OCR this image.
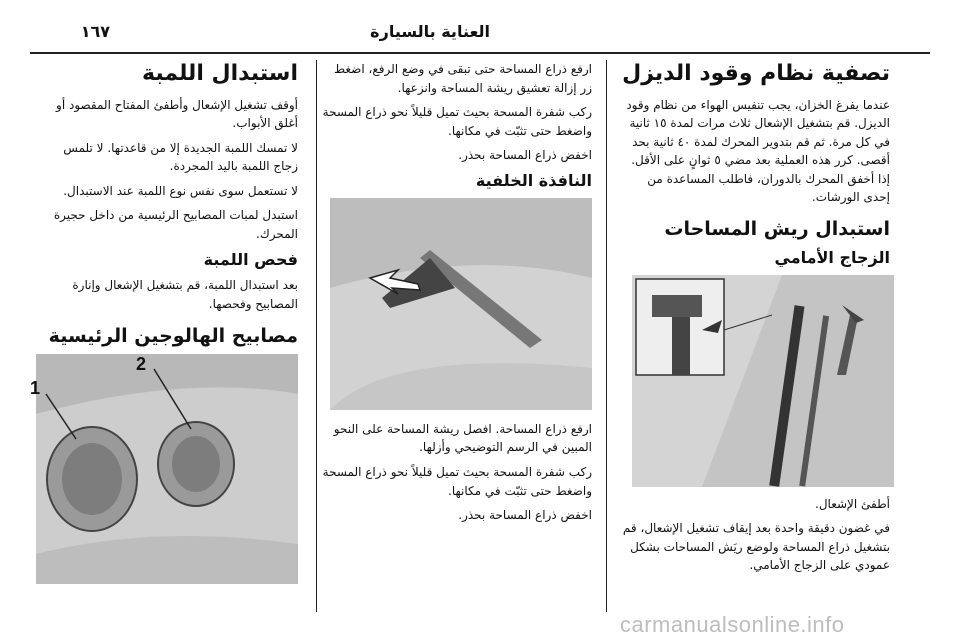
العناية بالسيارة
١٦٧
تصفية نظام وقود الديزل

عندما يفرغ الخزان، يجب تنفيس الهواء من نظام وقود الديزل. قم بتشغيل الإشعال ثلاث مرات لمدة ١٥ ثانية في كل مرة. ثم قم بتدوير المحرك لمدة ٤٠ ثانية بحد أقصى. كرر هذه العملية بعد مضي ٥ ثوانٍ على الأقل. إذا أخفق المحرك بالدوران، فاطلب المساعدة من إحدى الورشات.

استبدال ريش المساحات
الزجاج الأمامي

أطفئ الإشعال.

في غضون دقيقة واحدة بعد إيقاف تشغيل الإشعال، قم بتشغيل ذراع المساحة ولوضع ريَش المساحات بشكل عمودي على الزجاج الأمامي.

ارفع ذراع المساحة حتى تبقى في وضع الرفع، اضغط زر إزالة تعشيق ريشة المساحة وانزعها.

ركب شفرة المسحة بحيث تميل قليلاً نحو ذراع المسحة واضغط حتى تثبّت في مكانها.

اخفض ذراع المساحة بحذر.

النافذة الخلفية

ارفع ذراع المساحة. افصل ريشة المساحة على النحو المبين في الرسم التوضيحي وأزلها.

ركب شفرة المسحة بحيث تميل قليلاً نحو ذراع المسحة واضغط حتى تثبّت في مكانها.

اخفض ذراع المساحة بحذر.

استبدال اللمبة

أوقف تشغيل الإشعال وأطفئ المفتاح المقصود أو أغلق الأبواب.

لا تمسك اللمبة الجديدة إلا من قاعدتها. لا تلمس زجاج اللمبة باليد المجردة.

لا تستعمل سوى نفس نوع اللمبة عند الاستبدال.

استبدل لمبات المصابيح الرئيسية من داخل حجيرة المحرك.

فحص اللمبة

بعد استبدال اللمبة، قم بتشغيل الإشعال وإنارة المصابيح وفحصها.

مصابيح الهالوجين الرئيسية
1
2
carmanualsonline.info
